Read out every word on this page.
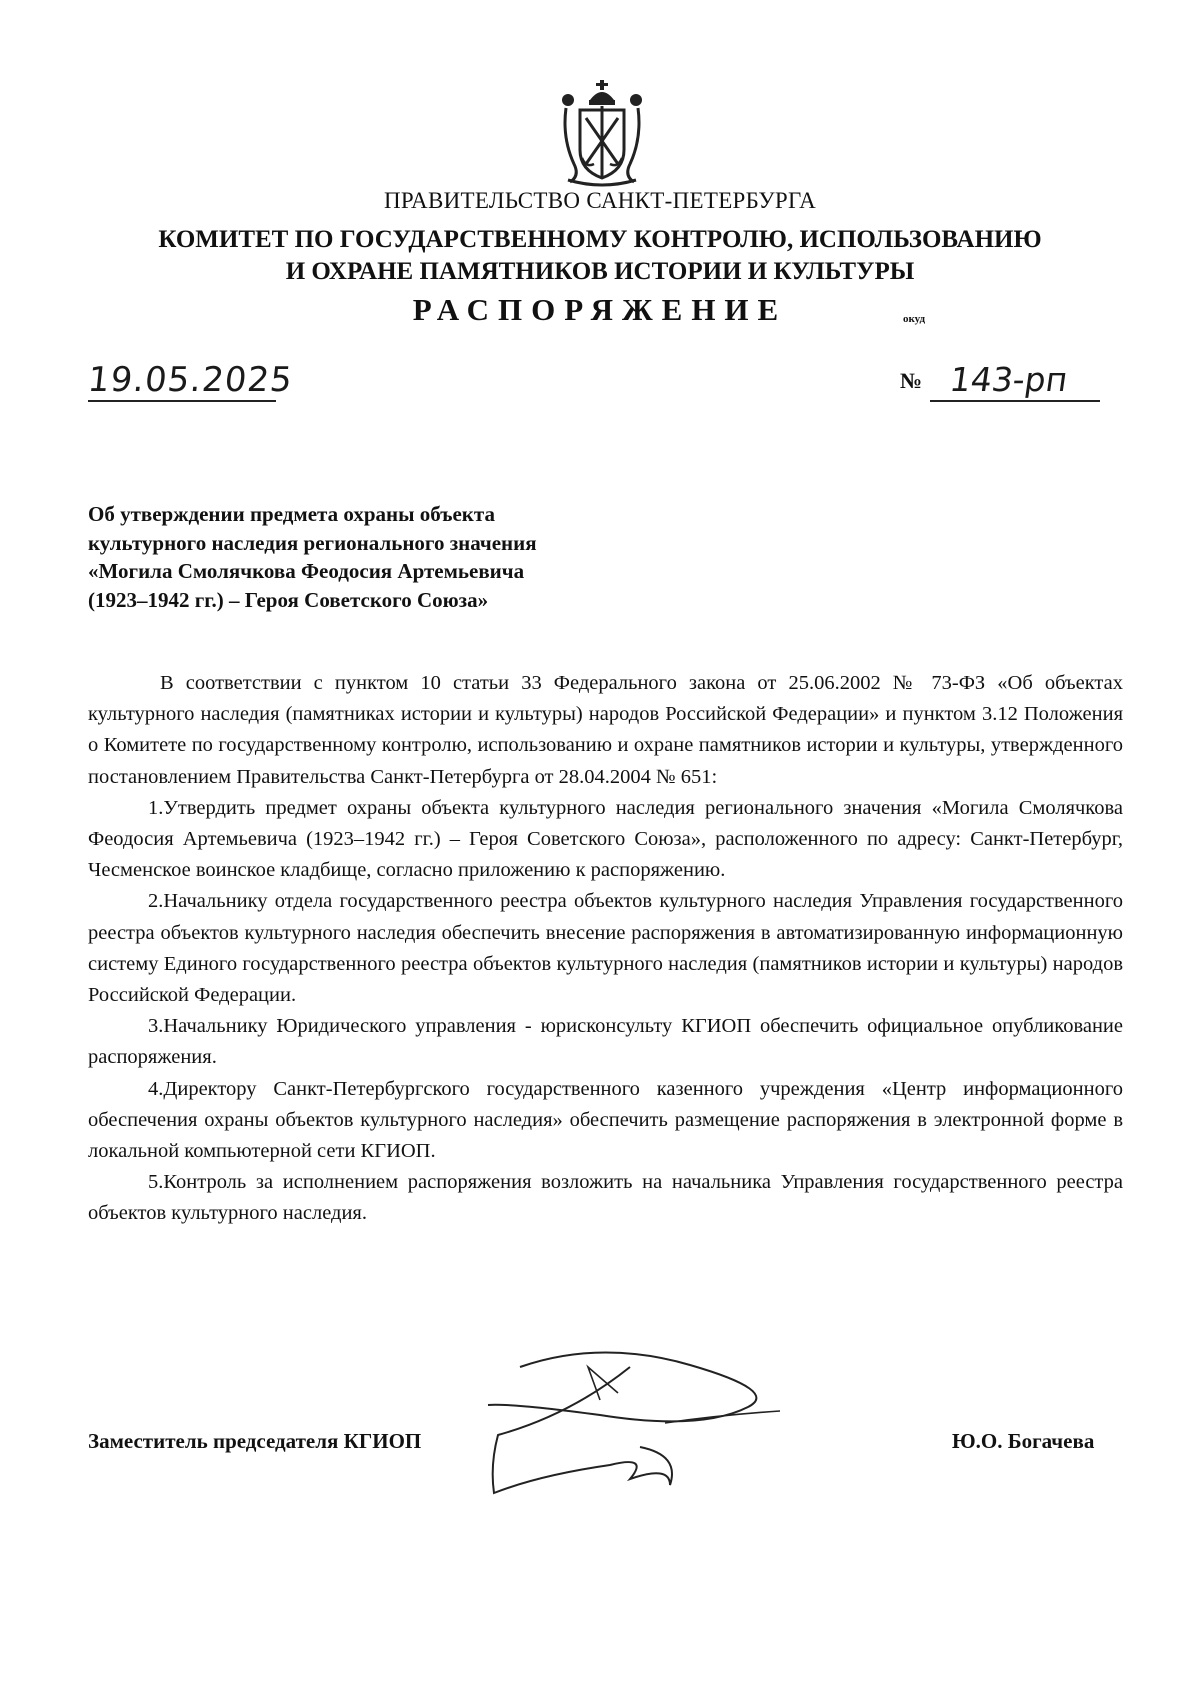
ПРАВИТЕЛЬСТВО САНКТ-ПЕТЕРБУРГА
КОМИТЕТ ПО ГОСУДАРСТВЕННОМУ КОНТРОЛЮ, ИСПОЛЬЗОВАНИЮ
И ОХРАНЕ ПАМЯТНИКОВ ИСТОРИИ И КУЛЬТУРЫ
РАСПОРЯЖЕНИЕ	окуд
19.05.2025	№ 143-рп
Об утверждении предмета охраны объекта
культурного наследия регионального значения
«Могила Смолячкова Феодосия Артемьевича
(1923–1942 гг.) – Героя Советского Союза»

В соответствии с пунктом 10 статьи 33 Федерального закона от 25.06.2002 № 73-ФЗ «Об объектах культурного наследия (памятниках истории и культуры) народов Российской Федерации» и пунктом 3.12 Положения о Комитете по государственному контролю, использованию и охране памятников истории и культуры, утвержденного постановлением Правительства Санкт-Петербурга от 28.04.2004 № 651:

1.Утвердить предмет охраны объекта культурного наследия регионального значения «Могила Смолячкова Феодосия Артемьевича (1923–1942 гг.) – Героя Советского Союза», расположенного по адресу: Санкт-Петербург, Чесменское воинское кладбище, согласно приложению к распоряжению.

2.Начальнику отдела государственного реестра объектов культурного наследия Управления государственного реестра объектов культурного наследия обеспечить внесение распоряжения в автоматизированную информационную систему Единого государственного реестра объектов культурного наследия (памятников истории и культуры) народов Российской Федерации.

3.Начальнику Юридического управления - юрисконсульту КГИОП обеспечить официальное опубликование распоряжения.

4.Директору Санкт-Петербургского государственного казенного учреждения «Центр информационного обеспечения охраны объектов культурного наследия» обеспечить размещение распоряжения в электронной форме в локальной компьютерной сети КГИОП.

5.Контроль за исполнением распоряжения возложить на начальника Управления государственного реестра объектов культурного наследия.

Заместитель председателя КГИОП	Ю.О. Богачева
